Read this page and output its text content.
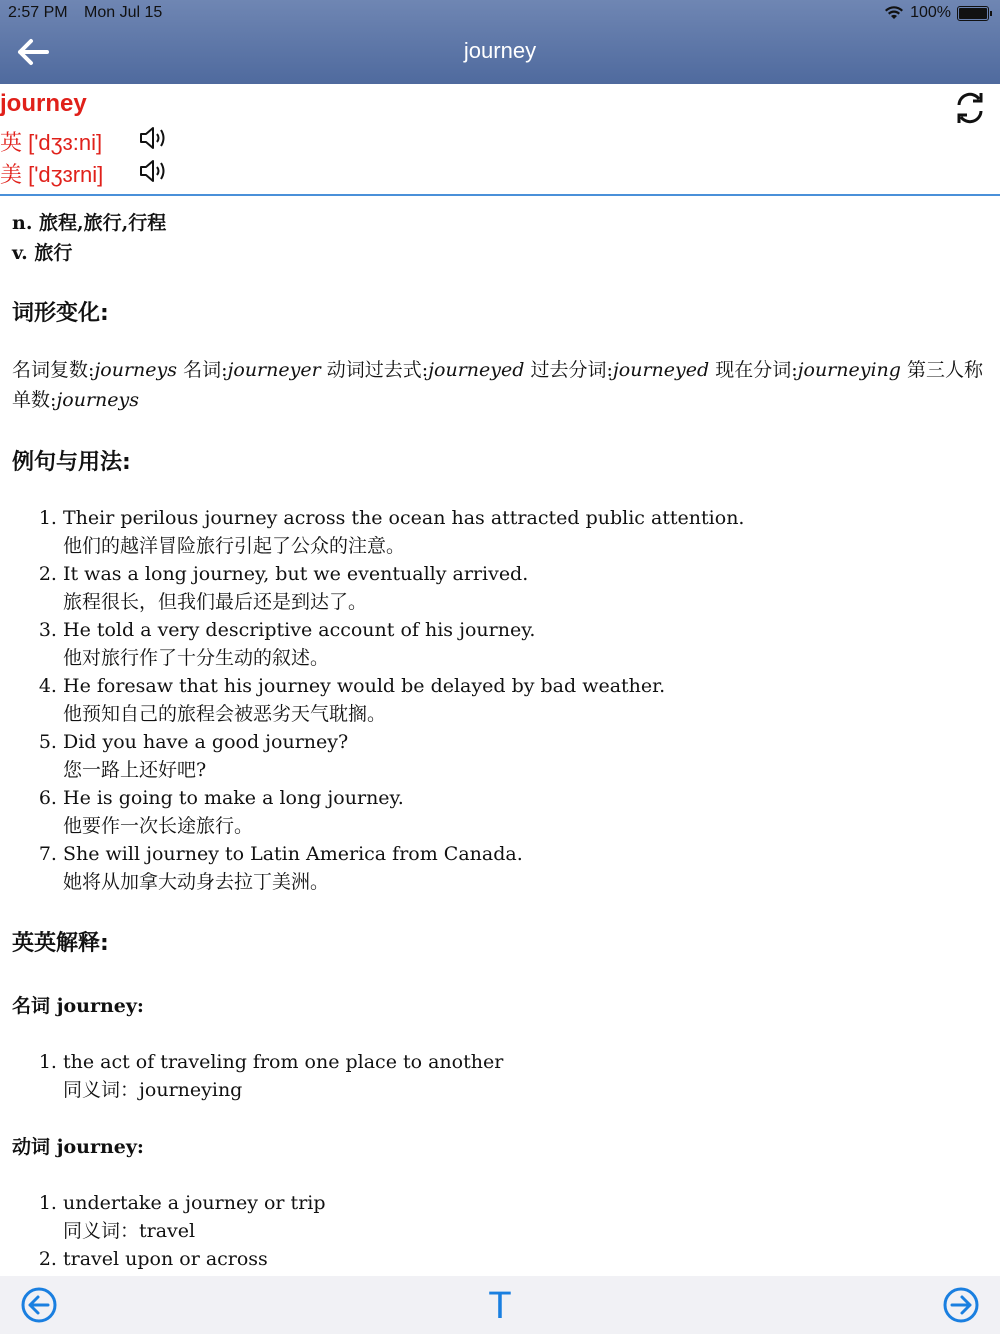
2:57 PM Mon Jul 15	100%
journey
journey
英 ['dʒɜ:ni]
美 ['dʒɜrni]

n. 旅程,旅行,行程

v. 旅行

词形变化:

名词复数:journeys 名词:journeyer 动词过去式:journeyed 过去分词:journeyed 现在分词:journeying 第三人称单数:journeys

例句与用法:
1. Their perilous journey across the ocean has attracted public attention.
他们的越洋冒险旅行引起了公众的注意。
2. It was a long journey, but we eventually arrived.
旅程很长，但我们最后还是到达了。
3. He told a very descriptive account of his journey.
他对旅行作了十分生动的叙述。
4. He foresaw that his journey would be delayed by bad weather.
他预知自己的旅程会被恶劣天气耽搁。
5. Did you have a good journey?
您一路上还好吧?
6. He is going to make a long journey.
他要作一次长途旅行。
7. She will journey to Latin America from Canada.
她将从加拿大动身去拉丁美洲。
英英解释:
名词 journey:
1. the act of traveling from one place to another
同义词：journeying
动词 journey:
1. undertake a journey or trip
同义词：travel
2. travel upon or across
T
